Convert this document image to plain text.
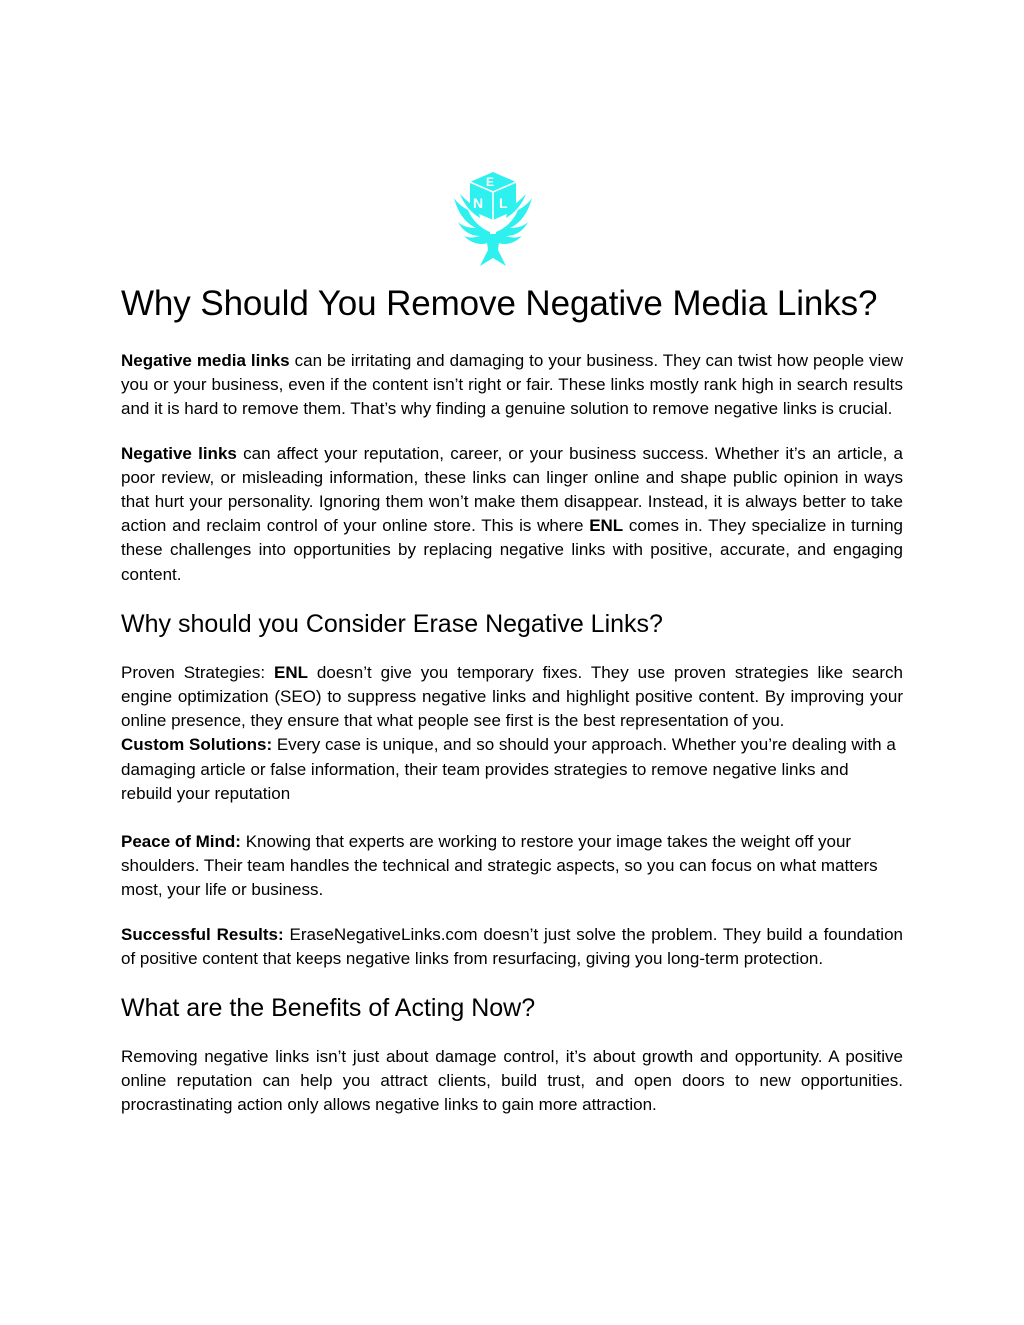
E
N L
Why Should You Remove Negative Media Links?

Negative media links can be irritating and damaging to your business. They can twist how people view you or your business, even if the content isn’t right or fair. These links mostly rank high in search results and it is hard to remove them. That’s why finding a genuine solution to remove negative links is crucial.

Negative links can affect your reputation, career, or your business success. Whether it’s an article, a poor review, or misleading information, these links can linger online and shape public opinion in ways that hurt your personality. Ignoring them won’t make them disappear. Instead, it is always better to take action and reclaim control of your online store. This is where ENL comes in. They specialize in turning these challenges into opportunities by replacing negative links with positive, accurate, and engaging content.

Why should you Consider Erase Negative Links?

Proven Strategies: ENL doesn’t give you temporary fixes. They use proven strategies like search engine optimization (SEO) to suppress negative links and highlight positive content. By improving your online presence, they ensure that what people see first is the best representation of you.

Custom Solutions: Every case is unique, and so should your approach. Whether you’re dealing with a damaging article or false information, their team provides strategies to remove negative links and rebuild your reputation

Peace of Mind: Knowing that experts are working to restore your image takes the weight off your shoulders. Their team handles the technical and strategic aspects, so you can focus on what matters most, your life or business.

Successful Results: EraseNegativeLinks.com doesn’t just solve the problem. They build a foundation of positive content that keeps negative links from resurfacing, giving you long-term protection.

What are the Benefits of Acting Now?

Removing negative links isn’t just about damage control, it’s about growth and opportunity. A positive online reputation can help you attract clients, build trust, and open doors to new opportunities. procrastinating action only allows negative links to gain more attraction.
